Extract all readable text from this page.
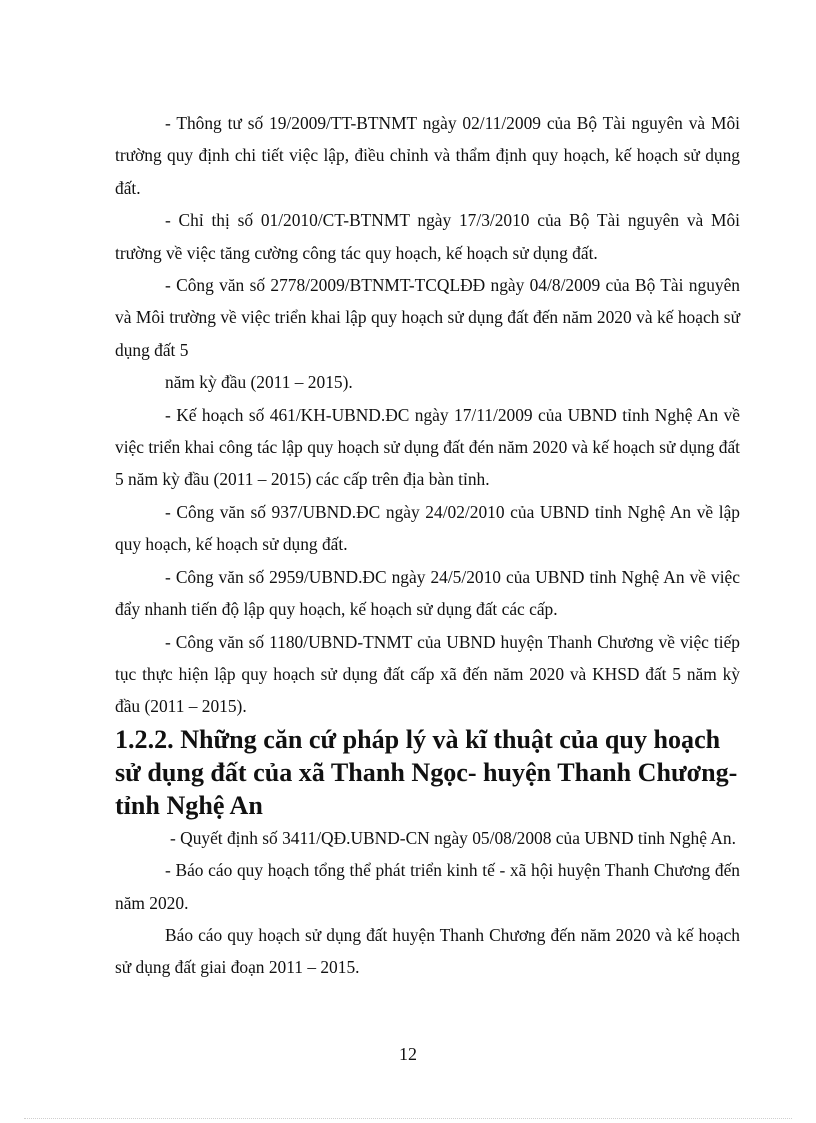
- Thông tư số 19/2009/TT-BTNMT ngày 02/11/2009 của Bộ Tài nguyên và Môi trường quy định chi tiết việc lập, điều chỉnh và thẩm định quy hoạch, kế hoạch sử dụng đất.

- Chỉ thị số 01/2010/CT-BTNMT ngày 17/3/2010 của Bộ Tài nguyên và Môi trường về việc tăng cường công tác quy hoạch, kế hoạch sử dụng đất.

- Công văn số 2778/2009/BTNMT-TCQLĐĐ ngày 04/8/2009 của Bộ Tài nguyên và Môi trường về việc triển khai lập quy hoạch sử dụng đất đến năm 2020 và kế hoạch sử dụng đất 5

năm kỳ đầu (2011 – 2015).

- Kế hoạch số 461/KH-UBND.ĐC ngày 17/11/2009 của UBND tỉnh Nghệ An về việc triển khai công tác lập quy hoạch sử dụng đất đén năm 2020 và kế hoạch sử dụng đất 5 năm kỳ đầu (2011 – 2015) các cấp trên địa bàn tỉnh.

- Công văn số 937/UBND.ĐC ngày 24/02/2010 của UBND tỉnh Nghệ An về lập quy hoạch, kế hoạch sử dụng đất.

- Công văn số 2959/UBND.ĐC ngày 24/5/2010 của UBND tỉnh Nghệ An về việc đẩy nhanh tiến độ lập quy hoạch, kế hoạch sử dụng đất các cấp.

- Công văn số 1180/UBND-TNMT của UBND huyện Thanh Chương về việc tiếp tục thực hiện lập quy hoạch sử dụng đất cấp xã đến năm 2020 và KHSD đất 5 năm kỳ đầu (2011 – 2015).

1.2.2. Những căn cứ pháp lý và kĩ thuật của quy hoạch sử dụng đất của xã Thanh Ngọc- huyện Thanh Chương- tỉnh Nghệ An

- Quyết định số 3411/QĐ.UBND-CN ngày 05/08/2008 của UBND tỉnh Nghệ An.

- Báo cáo quy hoạch tổng thể phát triển kinh tế - xã hội huyện Thanh Chương đến năm 2020.

Báo cáo quy hoạch sử dụng đất huyện Thanh Chương đến năm 2020 và kế hoạch sử dụng đất giai đoạn 2011 – 2015.

12
